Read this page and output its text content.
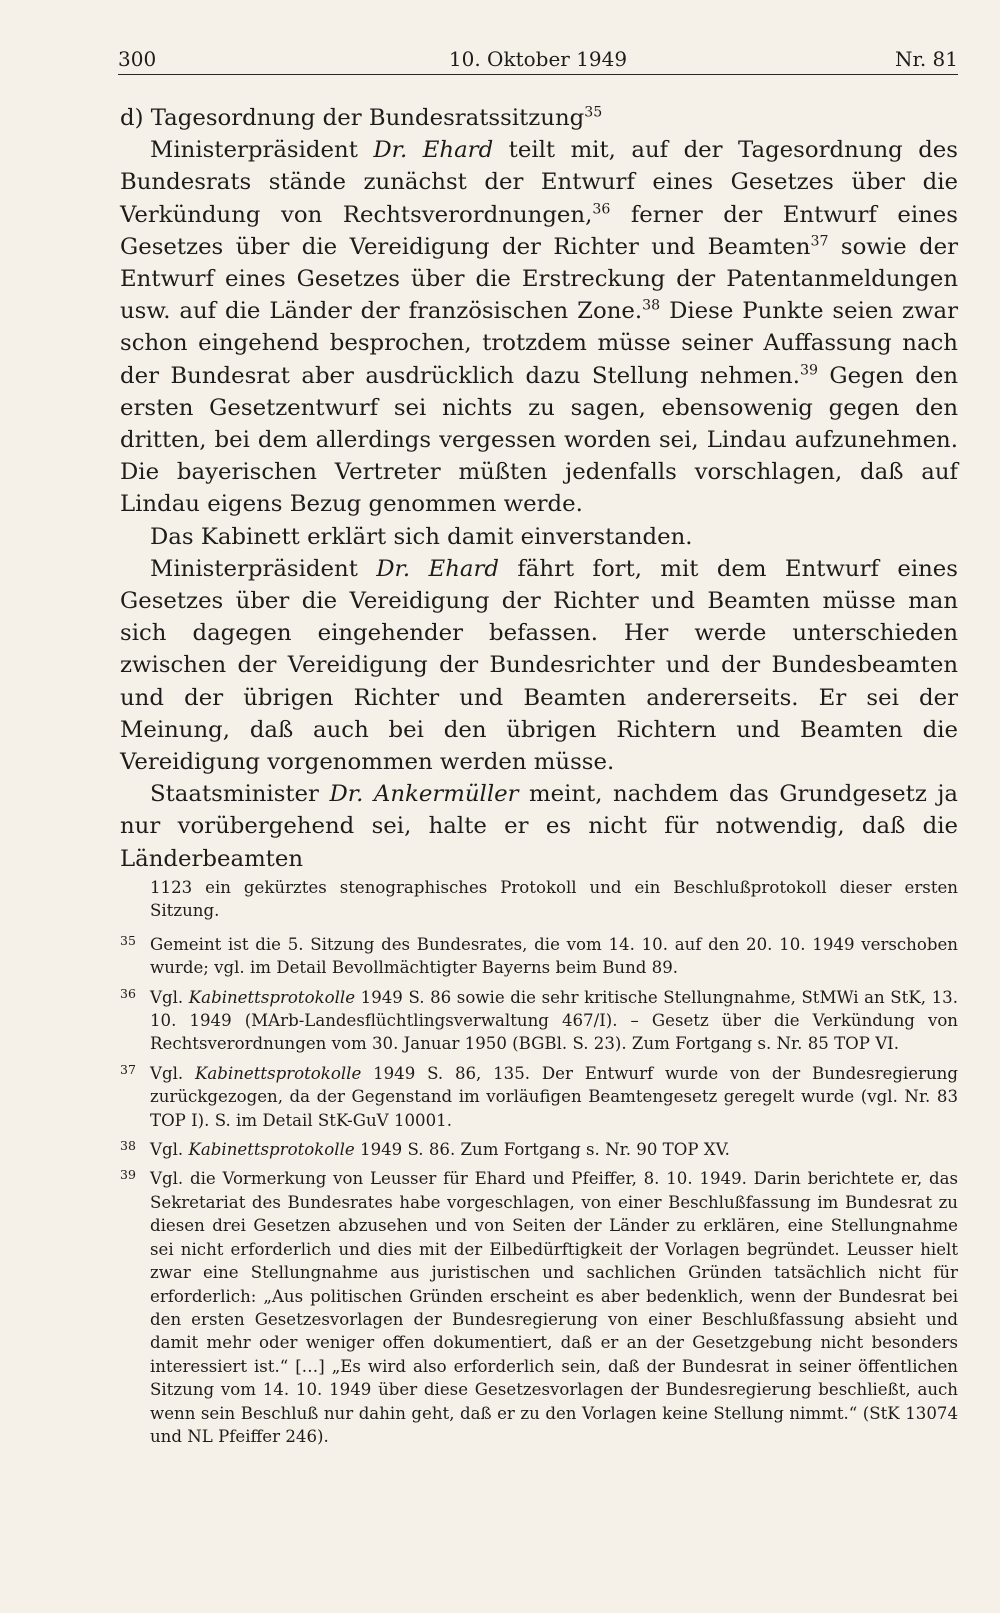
300	10. Oktober 1949	Nr. 81

d) Tagesordnung der Bundesratssitzung$^{35}$

Ministerpräsident Dr. Ehard teilt mit, auf der Tagesordnung des Bundesrats stände zunächst der Entwurf eines Gesetzes über die Verkündung von Rechtsverordnungen,$^{36}$ ferner der Entwurf eines Gesetzes über die Vereidigung der Richter und Beamten$^{37}$ sowie der Entwurf eines Gesetzes über die Erstreckung der Patentanmeldungen usw. auf die Länder der französischen Zone.$^{38}$ Diese Punkte seien zwar schon eingehend besprochen, trotzdem müsse seiner Auffassung nach der Bundesrat aber ausdrücklich dazu Stellung nehmen.$^{39}$ Gegen den ersten Gesetzentwurf sei nichts zu sagen, ebensowenig gegen den dritten, bei dem allerdings vergessen worden sei, Lindau aufzunehmen. Die bayerischen Vertreter müßten jedenfalls vorschlagen, daß auf Lindau eigens Bezug genommen werde.

Das Kabinett erklärt sich damit einverstanden.

Ministerpräsident Dr. Ehard fährt fort, mit dem Entwurf eines Gesetzes über die Vereidigung der Richter und Beamten müsse man sich dagegen eingehender befassen. Her werde unterschieden zwischen der Vereidigung der Bundesrichter und der Bundesbeamten und der übrigen Richter und Beamten andererseits. Er sei der Meinung, daß auch bei den übrigen Richtern und Beamten die Vereidigung vorgenommen werden müsse.

Staatsminister Dr. Ankermüller meint, nachdem das Grundgesetz ja nur vorübergehend sei, halte er es nicht für notwendig, daß die Länderbeamten

1123 ein gekürztes stenographisches Protokoll und ein Beschlußprotokoll dieser ersten Sitzung.

35 Gemeint ist die 5. Sitzung des Bundesrates, die vom 14. 10. auf den 20. 10. 1949 verschoben wurde; vgl. im Detail Bevollmächtigter Bayerns beim Bund 89.

36 Vgl. Kabinettsprotokolle 1949 S. 86 sowie die sehr kritische Stellungnahme, StMWi an StK, 13. 10. 1949 (MArb-Landesflüchtlingsverwaltung 467/I). – Gesetz über die Verkündung von Rechtsverordnungen vom 30. Januar 1950 (BGBl. S. 23). Zum Fortgang s. Nr. 85 TOP VI.

37 Vgl. Kabinettsprotokolle 1949 S. 86, 135. Der Entwurf wurde von der Bundesregierung zurückgezogen, da der Gegenstand im vorläufigen Beamtengesetz geregelt wurde (vgl. Nr. 83 TOP I). S. im Detail StK-GuV 10001.

38 Vgl. Kabinettsprotokolle 1949 S. 86. Zum Fortgang s. Nr. 90 TOP XV.

39 Vgl. die Vormerkung von Leusser für Ehard und Pfeiffer, 8. 10. 1949. Darin berichtete er, das Sekretariat des Bundesrates habe vorgeschlagen, von einer Beschlußfassung im Bundesrat zu diesen drei Gesetzen abzusehen und von Seiten der Länder zu erklären, eine Stellungnahme sei nicht erforderlich und dies mit der Eilbedürftigkeit der Vorlagen begründet. Leusser hielt zwar eine Stellungnahme aus juristischen und sachlichen Gründen tatsächlich nicht für erforderlich: „Aus politischen Gründen erscheint es aber bedenklich, wenn der Bundesrat bei den ersten Gesetzesvorlagen der Bundesregierung von einer Beschlußfassung absieht und damit mehr oder weniger offen dokumentiert, daß er an der Gesetzgebung nicht besonders interessiert ist.“ […] „Es wird also erforderlich sein, daß der Bundesrat in seiner öffentlichen Sitzung vom 14. 10. 1949 über diese Gesetzesvorlagen der Bundesregierung beschließt, auch wenn sein Beschluß nur dahin geht, daß er zu den Vorlagen keine Stellung nimmt.“ (StK 13074 und NL Pfeiffer 246).
